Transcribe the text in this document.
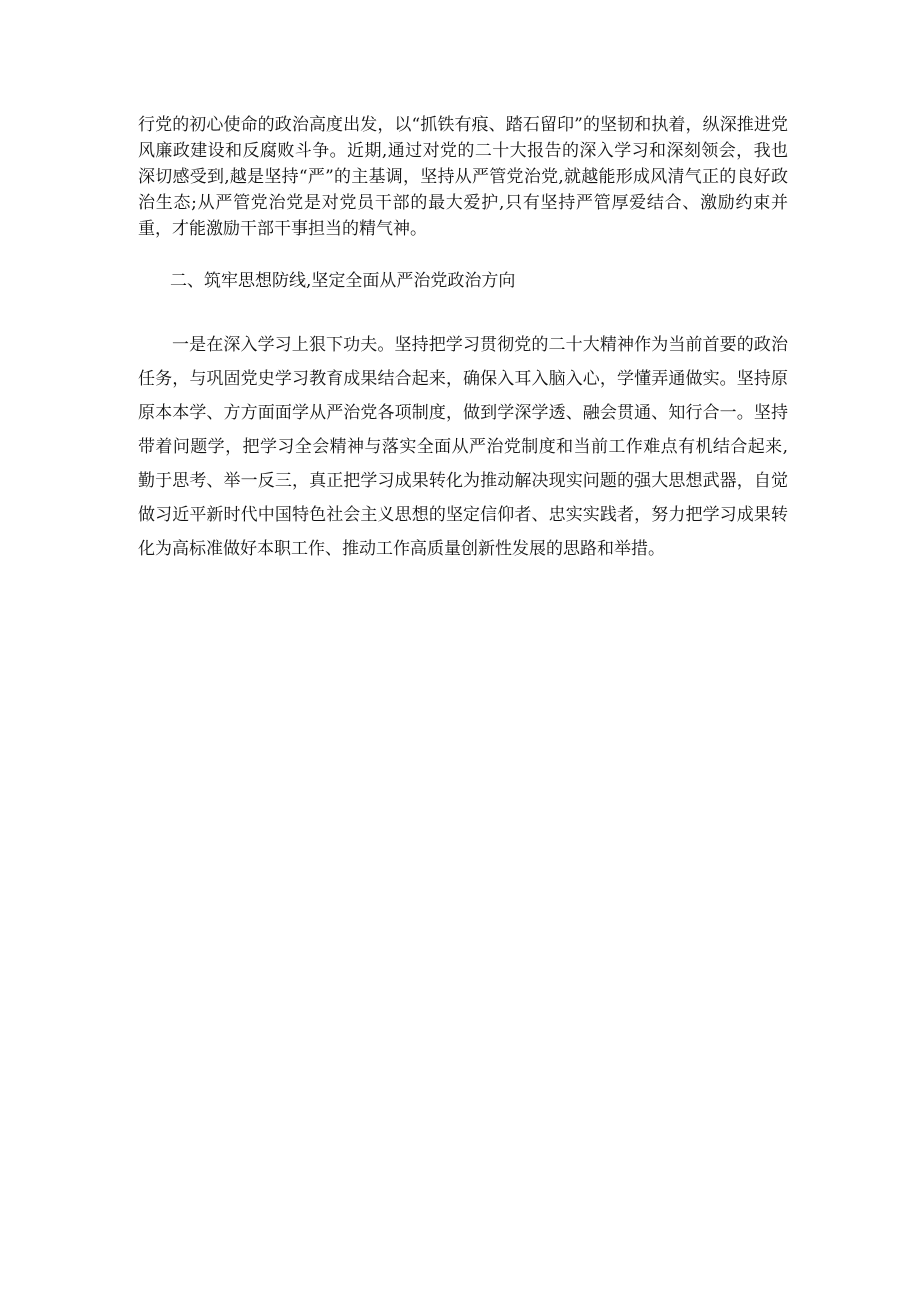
行党的初心使命的政治高度出发，以“抓铁有痕、踏石留印”的坚韧和执着，纵深推进党风廉政建设和反腐败斗争。近期,通过对党的二十大报告的深入学习和深刻领会，我也深切感受到,越是坚持“严”的主基调，坚持从严管党治党,就越能形成风清气正的良好政治生态;从严管党治党是对党员干部的最大爱护,只有坚持严管厚爱结合、激励约束并重，才能激励干部干事担当的精气神。

二、筑牢思想防线,坚定全面从严治党政治方向

一是在深入学习上狠下功夫。坚持把学习贯彻党的二十大精神作为当前首要的政治任务，与巩固党史学习教育成果结合起来，确保入耳入脑入心，学懂弄通做实。坚持原原本本学、方方面面学从严治党各项制度，做到学深学透、融会贯通、知行合一。坚持带着问题学，把学习全会精神与落实全面从严治党制度和当前工作难点有机结合起来,勤于思考、举一反三，真正把学习成果转化为推动解决现实问题的强大思想武器，自觉做习近平新时代中国特色社会主义思想的坚定信仰者、忠实实践者，努力把学习成果转化为高标准做好本职工作、推动工作高质量创新性发展的思路和举措。
